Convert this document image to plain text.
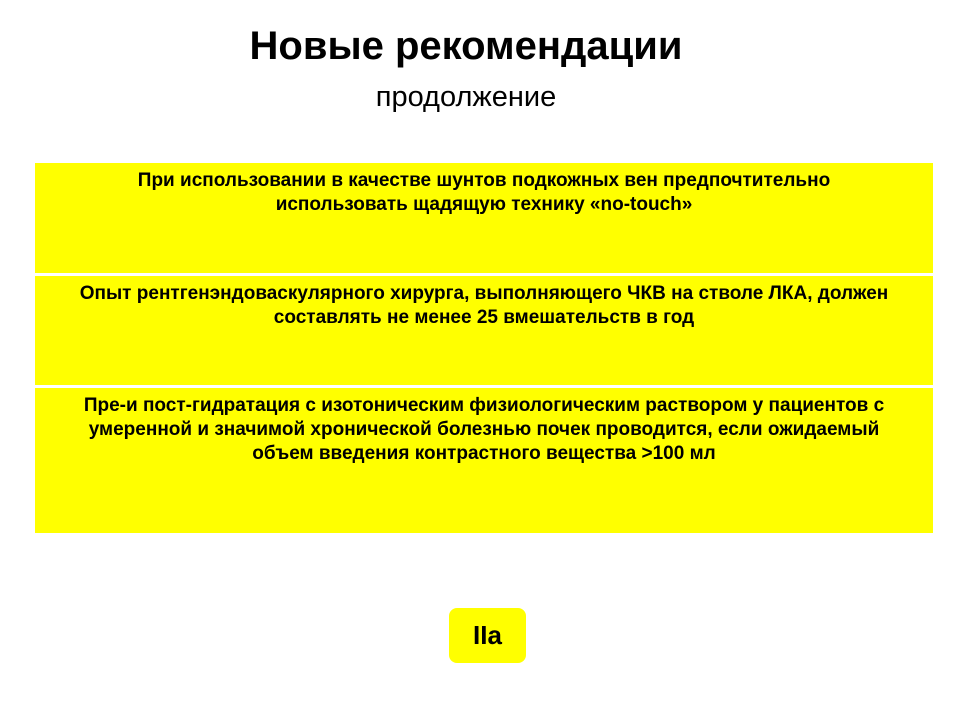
Новые рекомендации
продолжение
При использовании в качестве шунтов подкожных вен предпочтительно использовать щадящую технику «no-touch»
Опыт рентгенэндоваскулярного хирурга, выполняющего ЧКВ на стволе ЛКА, должен составлять не менее 25 вмешательств в год
Пре-и пост-гидратация с изотоническим физиологическим раствором у пациентов с умеренной и значимой хронической болезнью почек проводится, если ожидаемый объем введения контрастного вещества >100 мл
IIa
